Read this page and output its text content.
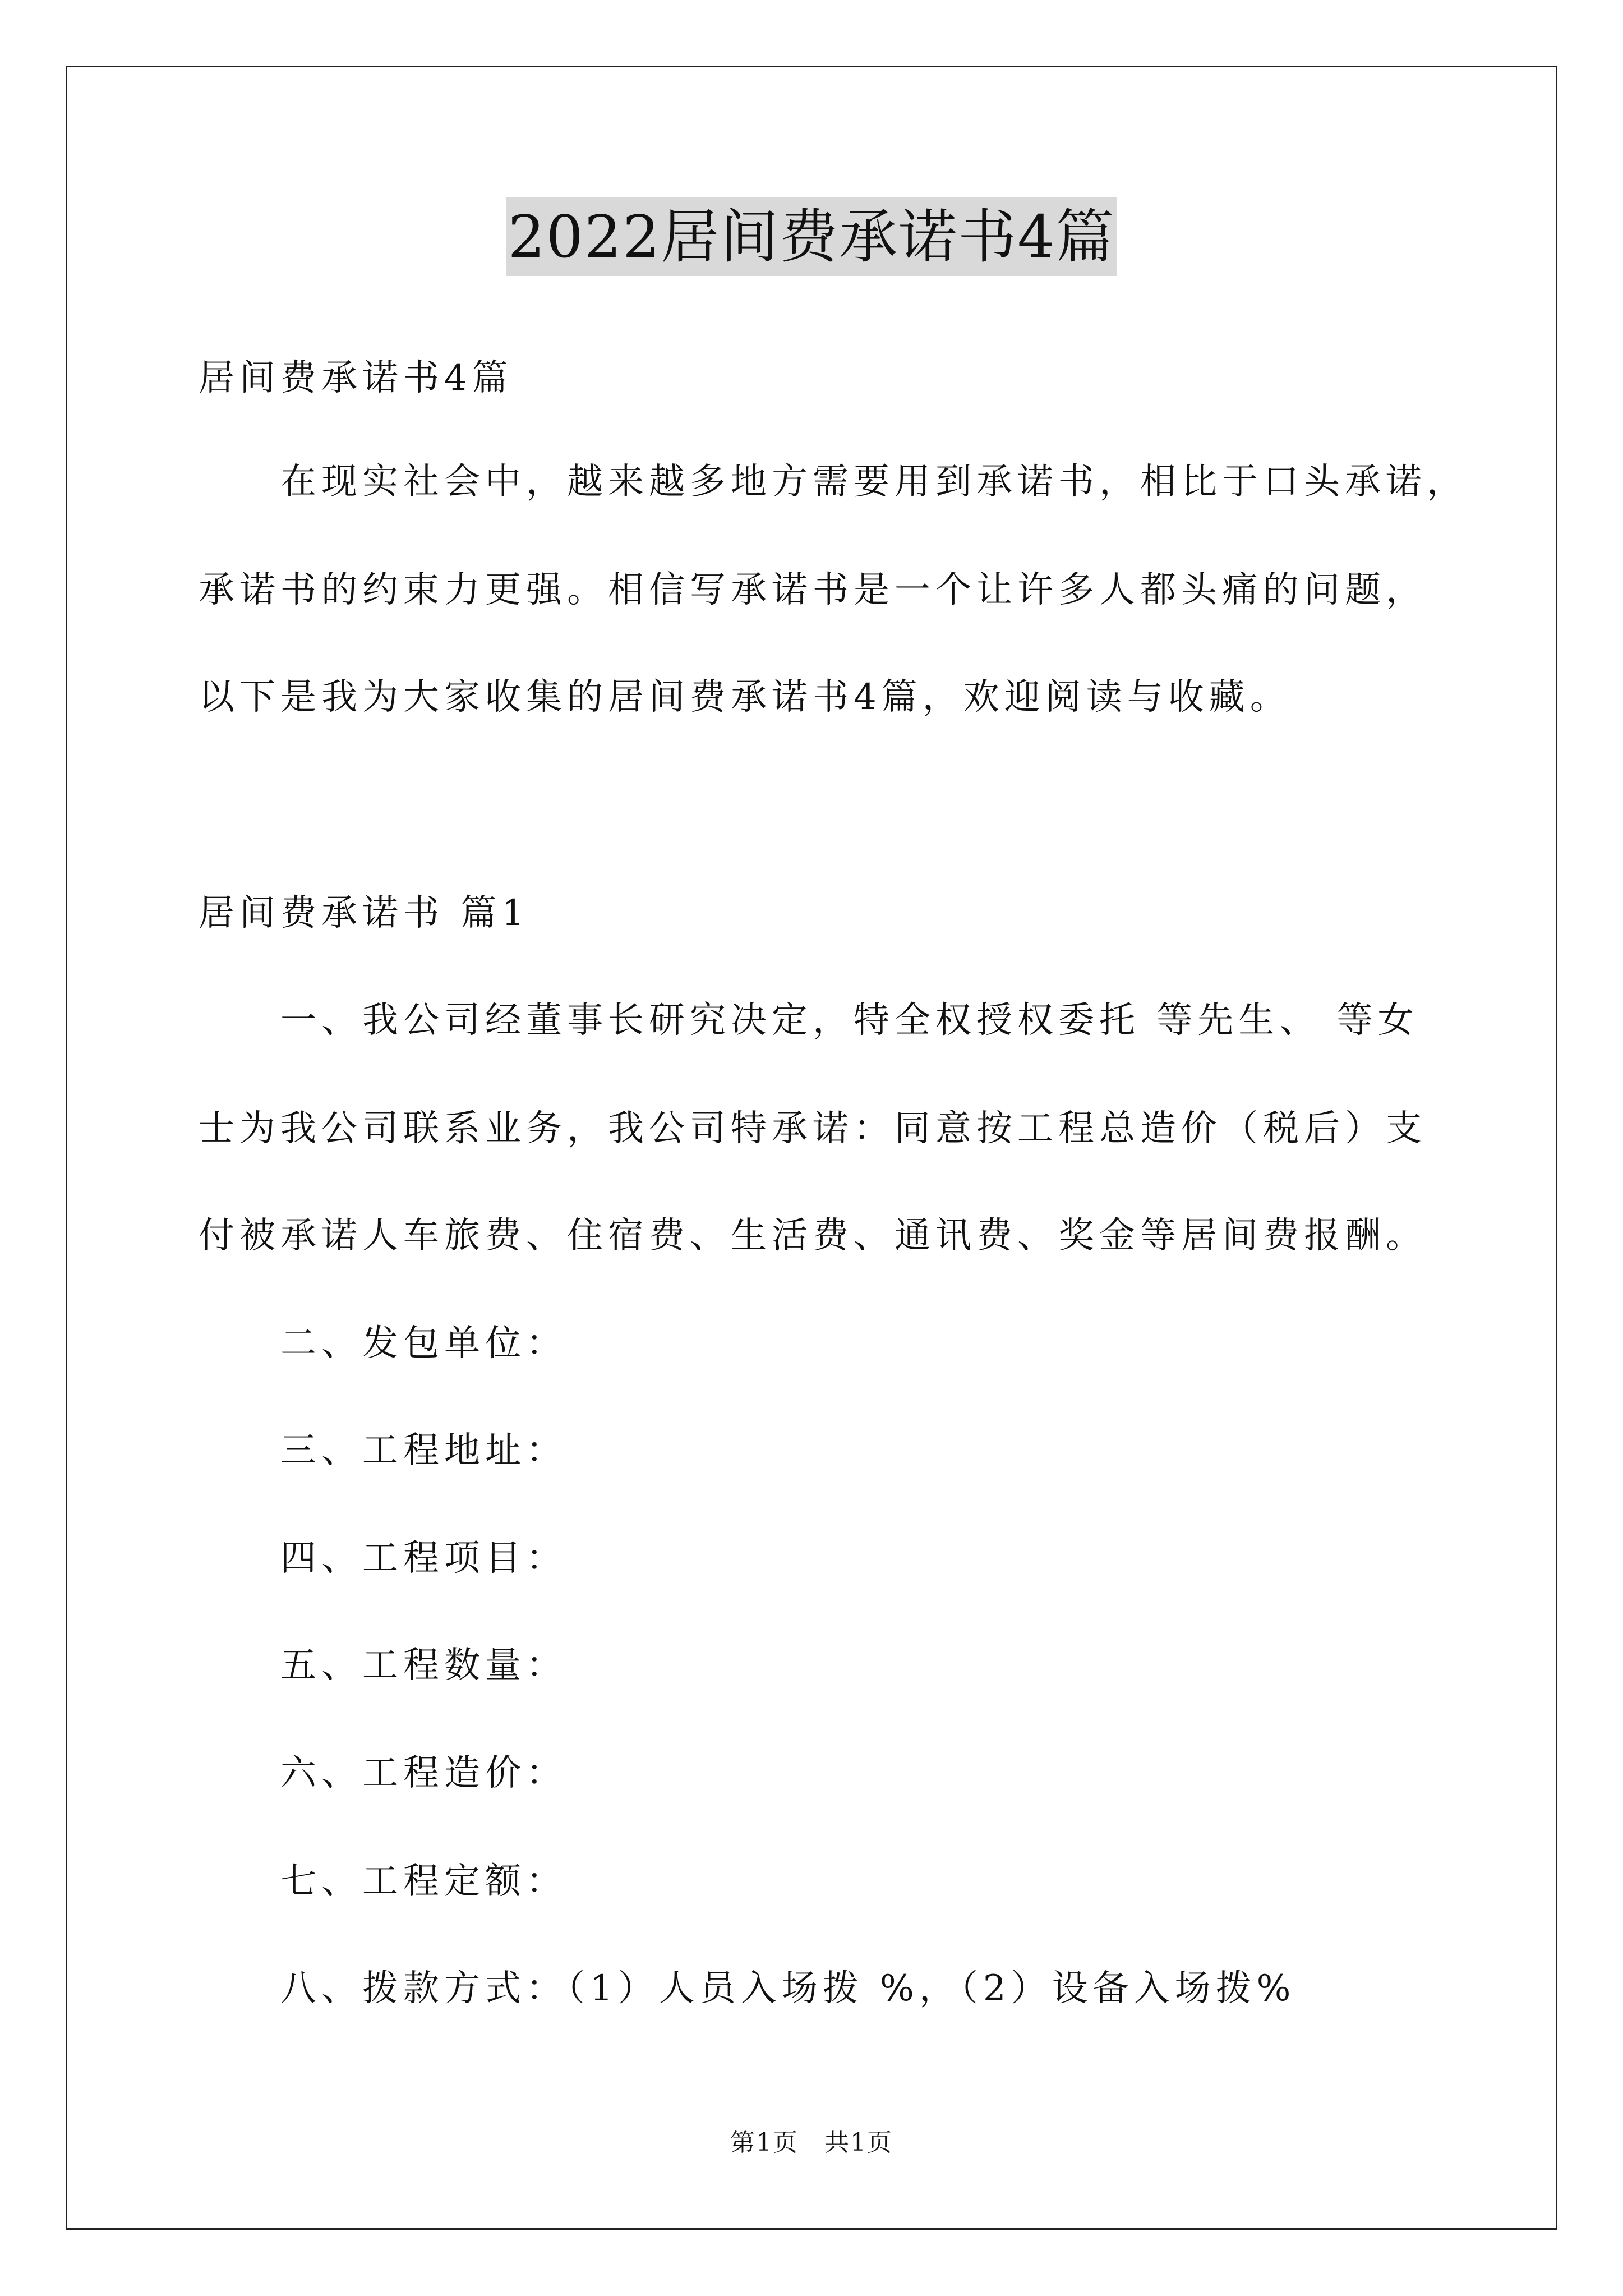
2022居间费承诺书4篇
居间费承诺书4篇
在现实社会中，越来越多地方需要用到承诺书，相比于口头承诺，
承诺书的约束力更强。相信写承诺书是一个让许多人都头痛的问题，
以下是我为大家收集的居间费承诺书4篇，欢迎阅读与收藏。
居间费承诺书 篇1
一、我公司经董事长研究决定，特全权授权委托 等先生、 等女
士为我公司联系业务，我公司特承诺：同意按工程总造价（税后）支
付被承诺人车旅费、住宿费、生活费、通讯费、奖金等居间费报酬。
二、发包单位：
三、工程地址：
四、工程项目：
五、工程数量：
六、工程造价：
七、工程定额：
八、拨款方式：（1）人员入场拨 %，（2）设备入场拨%
第1页　共1页
